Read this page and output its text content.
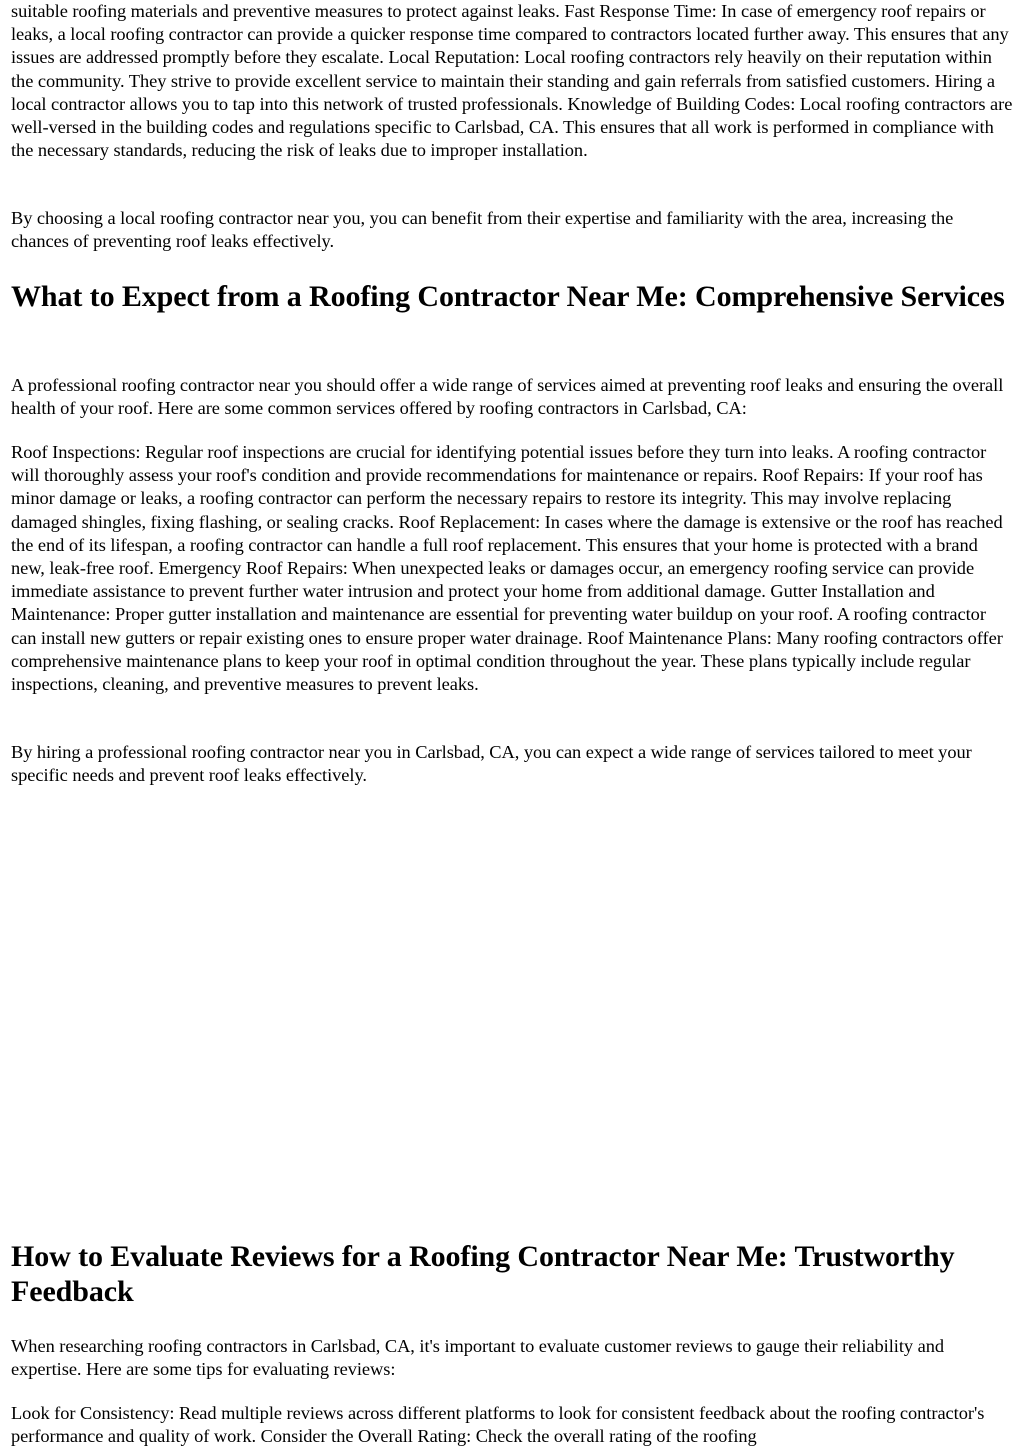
suitable roofing materials and preventive measures to protect against leaks. Fast Response Time: In case of emergency roof repairs or leaks, a local roofing contractor can provide a quicker response time compared to contractors located further away. This ensures that any issues are addressed promptly before they escalate. Local Reputation: Local roofing contractors rely heavily on their reputation within the community. They strive to provide excellent service to maintain their standing and gain referrals from satisfied customers. Hiring a local contractor allows you to tap into this network of trusted professionals. Knowledge of Building Codes: Local roofing contractors are well-versed in the building codes and regulations specific to Carlsbad, CA. This ensures that all work is performed in compliance with the necessary standards, reducing the risk of leaks due to improper installation.

By choosing a local roofing contractor near you, you can benefit from their expertise and familiarity with the area, increasing the chances of preventing roof leaks effectively.

What to Expect from a Roofing Contractor Near Me: Comprehensive Services

A professional roofing contractor near you should offer a wide range of services aimed at preventing roof leaks and ensuring the overall health of your roof. Here are some common services offered by roofing contractors in Carlsbad, CA:

Roof Inspections: Regular roof inspections are crucial for identifying potential issues before they turn into leaks. A roofing contractor will thoroughly assess your roof's condition and provide recommendations for maintenance or repairs. Roof Repairs: If your roof has minor damage or leaks, a roofing contractor can perform the necessary repairs to restore its integrity. This may involve replacing damaged shingles, fixing flashing, or sealing cracks. Roof Replacement: In cases where the damage is extensive or the roof has reached the end of its lifespan, a roofing contractor can handle a full roof replacement. This ensures that your home is protected with a brand new, leak-free roof. Emergency Roof Repairs: When unexpected leaks or damages occur, an emergency roofing service can provide immediate assistance to prevent further water intrusion and protect your home from additional damage. Gutter Installation and Maintenance: Proper gutter installation and maintenance are essential for preventing water buildup on your roof. A roofing contractor can install new gutters or repair existing ones to ensure proper water drainage. Roof Maintenance Plans: Many roofing contractors offer comprehensive maintenance plans to keep your roof in optimal condition throughout the year. These plans typically include regular inspections, cleaning, and preventive measures to prevent leaks.

By hiring a professional roofing contractor near you in Carlsbad, CA, you can expect a wide range of services tailored to meet your specific needs and prevent roof leaks effectively.

How to Evaluate Reviews for a Roofing Contractor Near Me: Trustworthy Feedback

When researching roofing contractors in Carlsbad, CA, it's important to evaluate customer reviews to gauge their reliability and expertise. Here are some tips for evaluating reviews:

Look for Consistency: Read multiple reviews across different platforms to look for consistent feedback about the roofing contractor's performance and quality of work. Consider the Overall Rating: Check the overall rating of the roofing
